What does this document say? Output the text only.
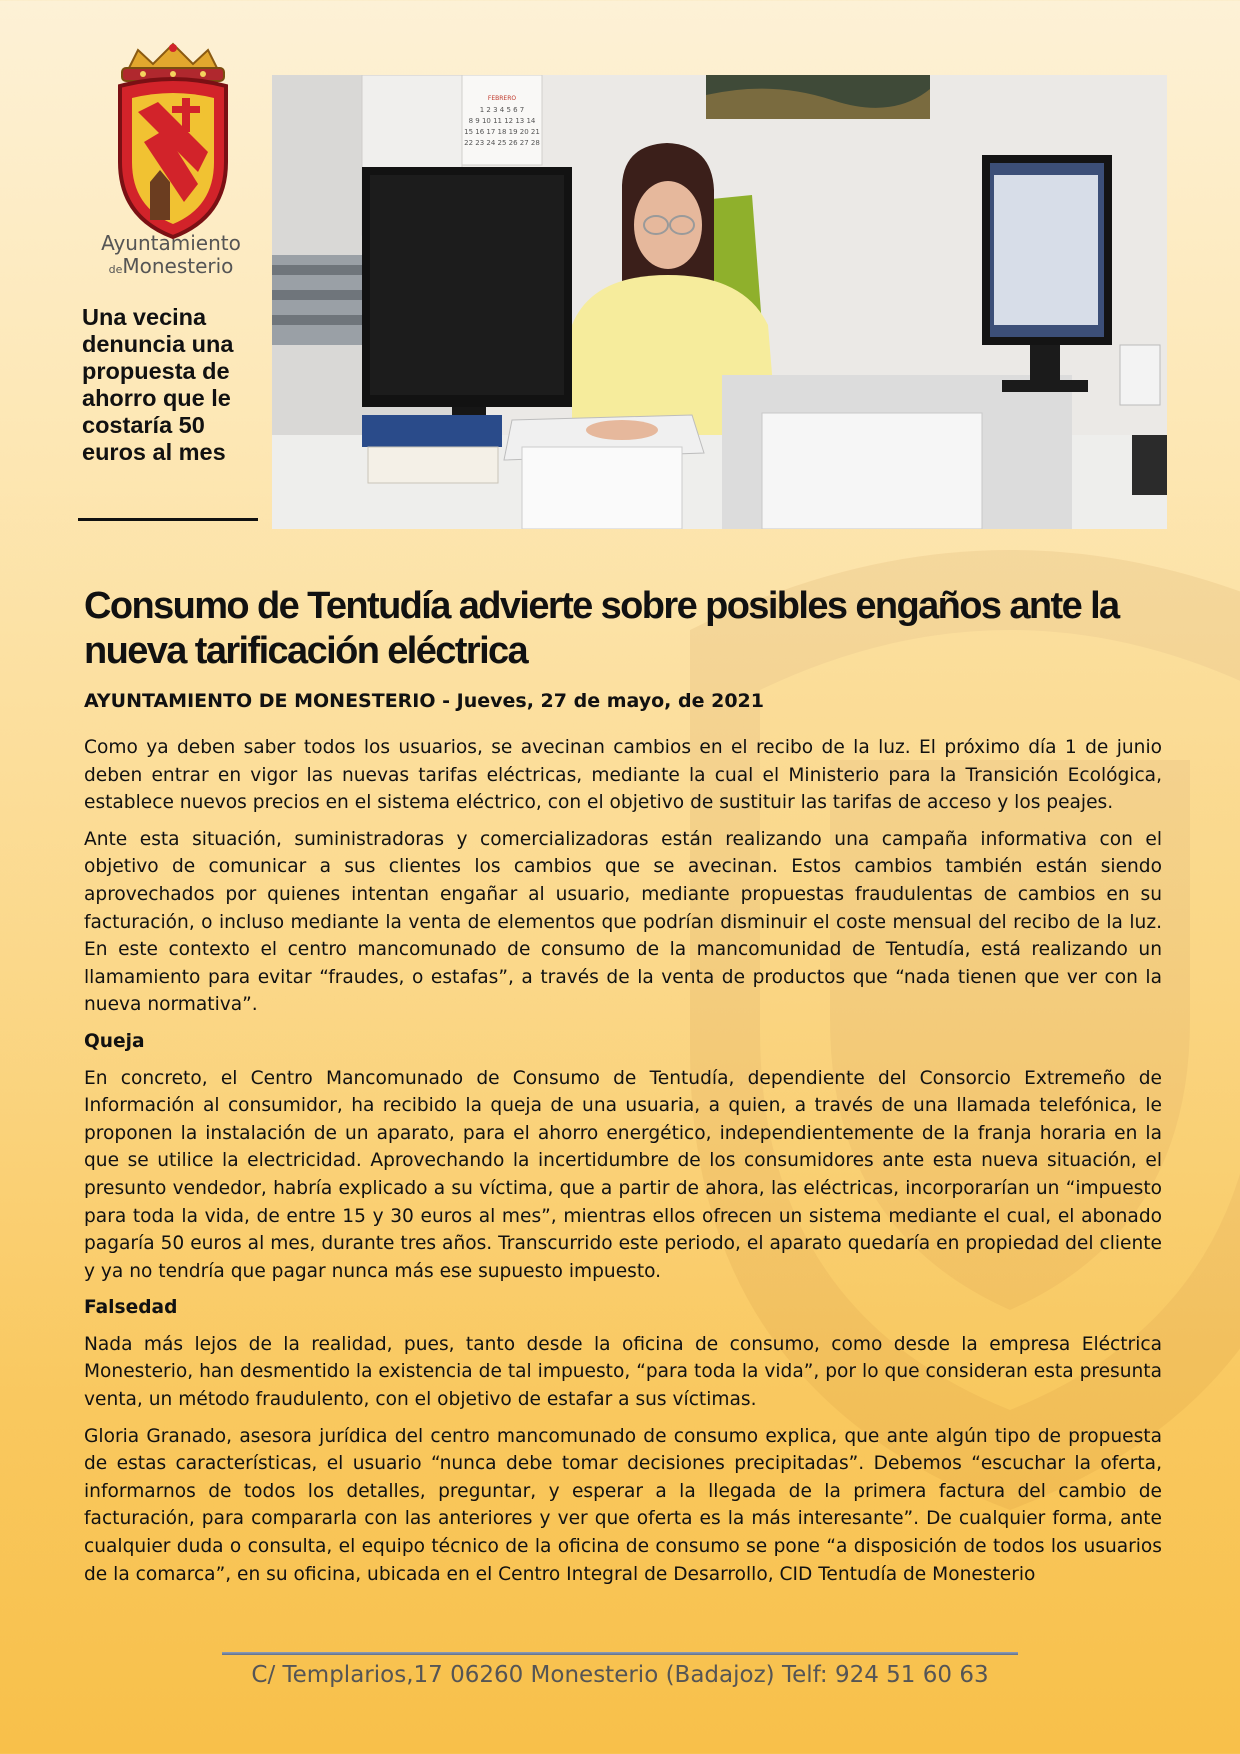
Ayuntamiento
deMonesterio
Una vecina denuncia una propuesta de ahorro que le costaría 50 euros al mes
FEBRERO
1 2 3 4 5 6 7
8 9 10 11 12 13 14
15 16 17 18 19 20 21
22 23 24 25 26 27 28
Consumo de Tentudía advierte sobre posibles engaños ante la nueva tarificación eléctrica
AYUNTAMIENTO DE MONESTERIO - Jueves, 27 de mayo, de 2021

Como ya deben saber todos los usuarios, se avecinan cambios en el recibo de la luz. El próximo día 1 de junio deben entrar en vigor las nuevas tarifas eléctricas, mediante la cual el Ministerio para la Transición Ecológica, establece nuevos precios en el sistema eléctrico, con el objetivo de sustituir las tarifas de acceso y los peajes.

Ante esta situación, suministradoras y comercializadoras están realizando una campaña informativa con el objetivo de comunicar a sus clientes los cambios que se avecinan. Estos cambios también están siendo aprovechados por quienes intentan engañar al usuario, mediante propuestas fraudulentas de cambios en su facturación, o incluso mediante la venta de elementos que podrían disminuir el coste mensual del recibo de la luz. En este contexto el centro mancomunado de consumo de la mancomunidad de Tentudía, está realizando un llamamiento para evitar “fraudes, o estafas”, a través de la venta de productos que “nada tienen que ver con la nueva normativa”.

Queja

En concreto, el Centro Mancomunado de Consumo de Tentudía, dependiente del Consorcio Extremeño de Información al consumidor, ha recibido la queja de una usuaria, a quien, a través de una llamada telefónica, le proponen la instalación de un aparato, para el ahorro energético, independientemente de la franja horaria en la que se utilice la electricidad. Aprovechando la incertidumbre de los consumidores ante esta nueva situación, el presunto vendedor, habría explicado a su víctima, que a partir de ahora, las eléctricas, incorporarían un “impuesto para toda la vida, de entre 15 y 30 euros al mes”, mientras ellos ofrecen un sistema mediante el cual, el abonado pagaría 50 euros al mes, durante tres años. Transcurrido este periodo, el aparato quedaría en propiedad del cliente y ya no tendría que pagar nunca más ese supuesto impuesto.

Falsedad

Nada más lejos de la realidad, pues, tanto desde la oficina de consumo, como desde la empresa Eléctrica Monesterio, han desmentido la existencia de tal impuesto, “para toda la vida”, por lo que consideran esta presunta venta, un método fraudulento, con el objetivo de estafar a sus víctimas.

Gloria Granado, asesora jurídica del centro mancomunado de consumo explica, que ante algún tipo de propuesta de estas características, el usuario “nunca debe tomar decisiones precipitadas”. Debemos “escuchar la oferta, informarnos de todos los detalles, preguntar, y esperar a la llegada de la primera factura del cambio de facturación, para compararla con las anteriores y ver que oferta es la más interesante”. De cualquier forma, ante cualquier duda o consulta, el equipo técnico de la oficina de consumo se pone “a disposición de todos los usuarios de la comarca”, en su oficina, ubicada en el Centro Integral de Desarrollo, CID Tentudía de Monesterio

C/ Templarios,17 06260 Monesterio (Badajoz) Telf: 924 51 60 63
